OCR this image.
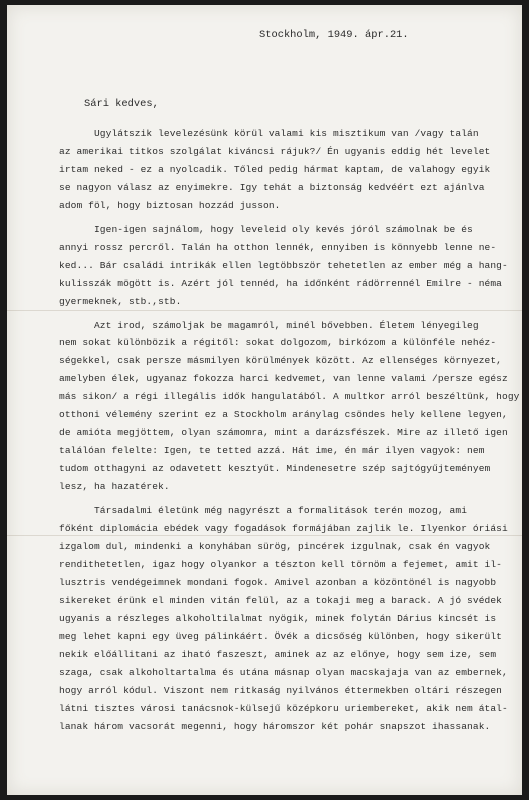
Stockholm, 1949. ápr.21.
Sári kedves,
Ugylátszik levelezésünk körül valami kis misztikum van /vagy talán
az amerikai titkos szolgálat kiváncsi rájuk?/ Én ugyanis eddig hét levelet
irtam neked - ez a nyolcadik. Tőled pedig hármat kaptam, de valahogy egyik
se nagyon válasz az enyimekre. Igy tehát a biztonság kedvéért ezt ajánlva
adom föl, hogy biztosan hozzád jusson.
Igen-igen sajnálom, hogy leveleid oly kevés jóról számolnak be és
annyi rossz percről. Talán ha otthon lennék, ennyiben is könnyebb lenne ne-
ked... Bár családi intrikák ellen legtöbbször tehetetlen az ember még a hang-
kulisszák mögött is. Azért jól tennéd, ha időnként rádörrennél Emilre - néma
gyermeknek, stb.,stb.
Azt irod, számoljak be magamról, minél bővebben. Életem lényegileg
nem sokat különbözik a régitől: sokat dolgozom, birkózom a különféle nehéz-
ségekkel, csak persze másmilyen körülmények között. Az ellenséges környezet,
amelyben élek, ugyanaz fokozza harci kedvemet, van lenne valami /persze egész
más sikon/ a régi illegális idők hangulatából. A multkor arról beszéltünk, hogy
otthoni vélemény szerint ez a Stockholm aránylag csöndes hely kellene legyen,
de amióta megjöttem, olyan számomra, mint a darázsfészek. Mire az illető igen
találóan felelte: Igen, te tetted azzá. Hát ime, én már ilyen vagyok: nem
tudom otthagyni az odavetett kesztyűt. Mindenesetre szép sajtógyűjteményem
lesz, ha hazatérek.
Társadalmi életünk még nagyrészt a formalitások terén mozog, ami
főként diplomácia ebédek vagy fogadások formájában zajlik le. Ilyenkor óriási
izgalom dul, mindenki a konyhában sürög, pincérek izgulnak, csak én vagyok
rendithetetlen, igaz hogy olyankor a tészton kell törnöm a fejemet, amit il-
lusztris vendégeimnek mondani fogok. Amivel azonban a közöntönél is nagyobb
sikereket érünk el minden vitán felül, az a tokaji meg a barack. A jó svédek
ugyanis a részleges alkoholtilalmat nyögik, minek folytán Dárius kincsét is
meg lehet kapni egy üveg pálinkáért. Övék a dicsőség különben, hogy sikerült
nekik előállitani az iható faszeszt, aminek az az előnye, hogy sem ize, sem
szaga, csak alkoholtartalma és utána másnap olyan macskajaja van az embernek,
hogy arról kódul. Viszont nem ritkaság nyilvános éttermekben oltári részegen
látni tisztes városi tanácsnok-külsejű középkoru uriembereket, akik nem átal-
lanak három vacsorát megenni, hogy háromszor két pohár snapszot ihassanak.
